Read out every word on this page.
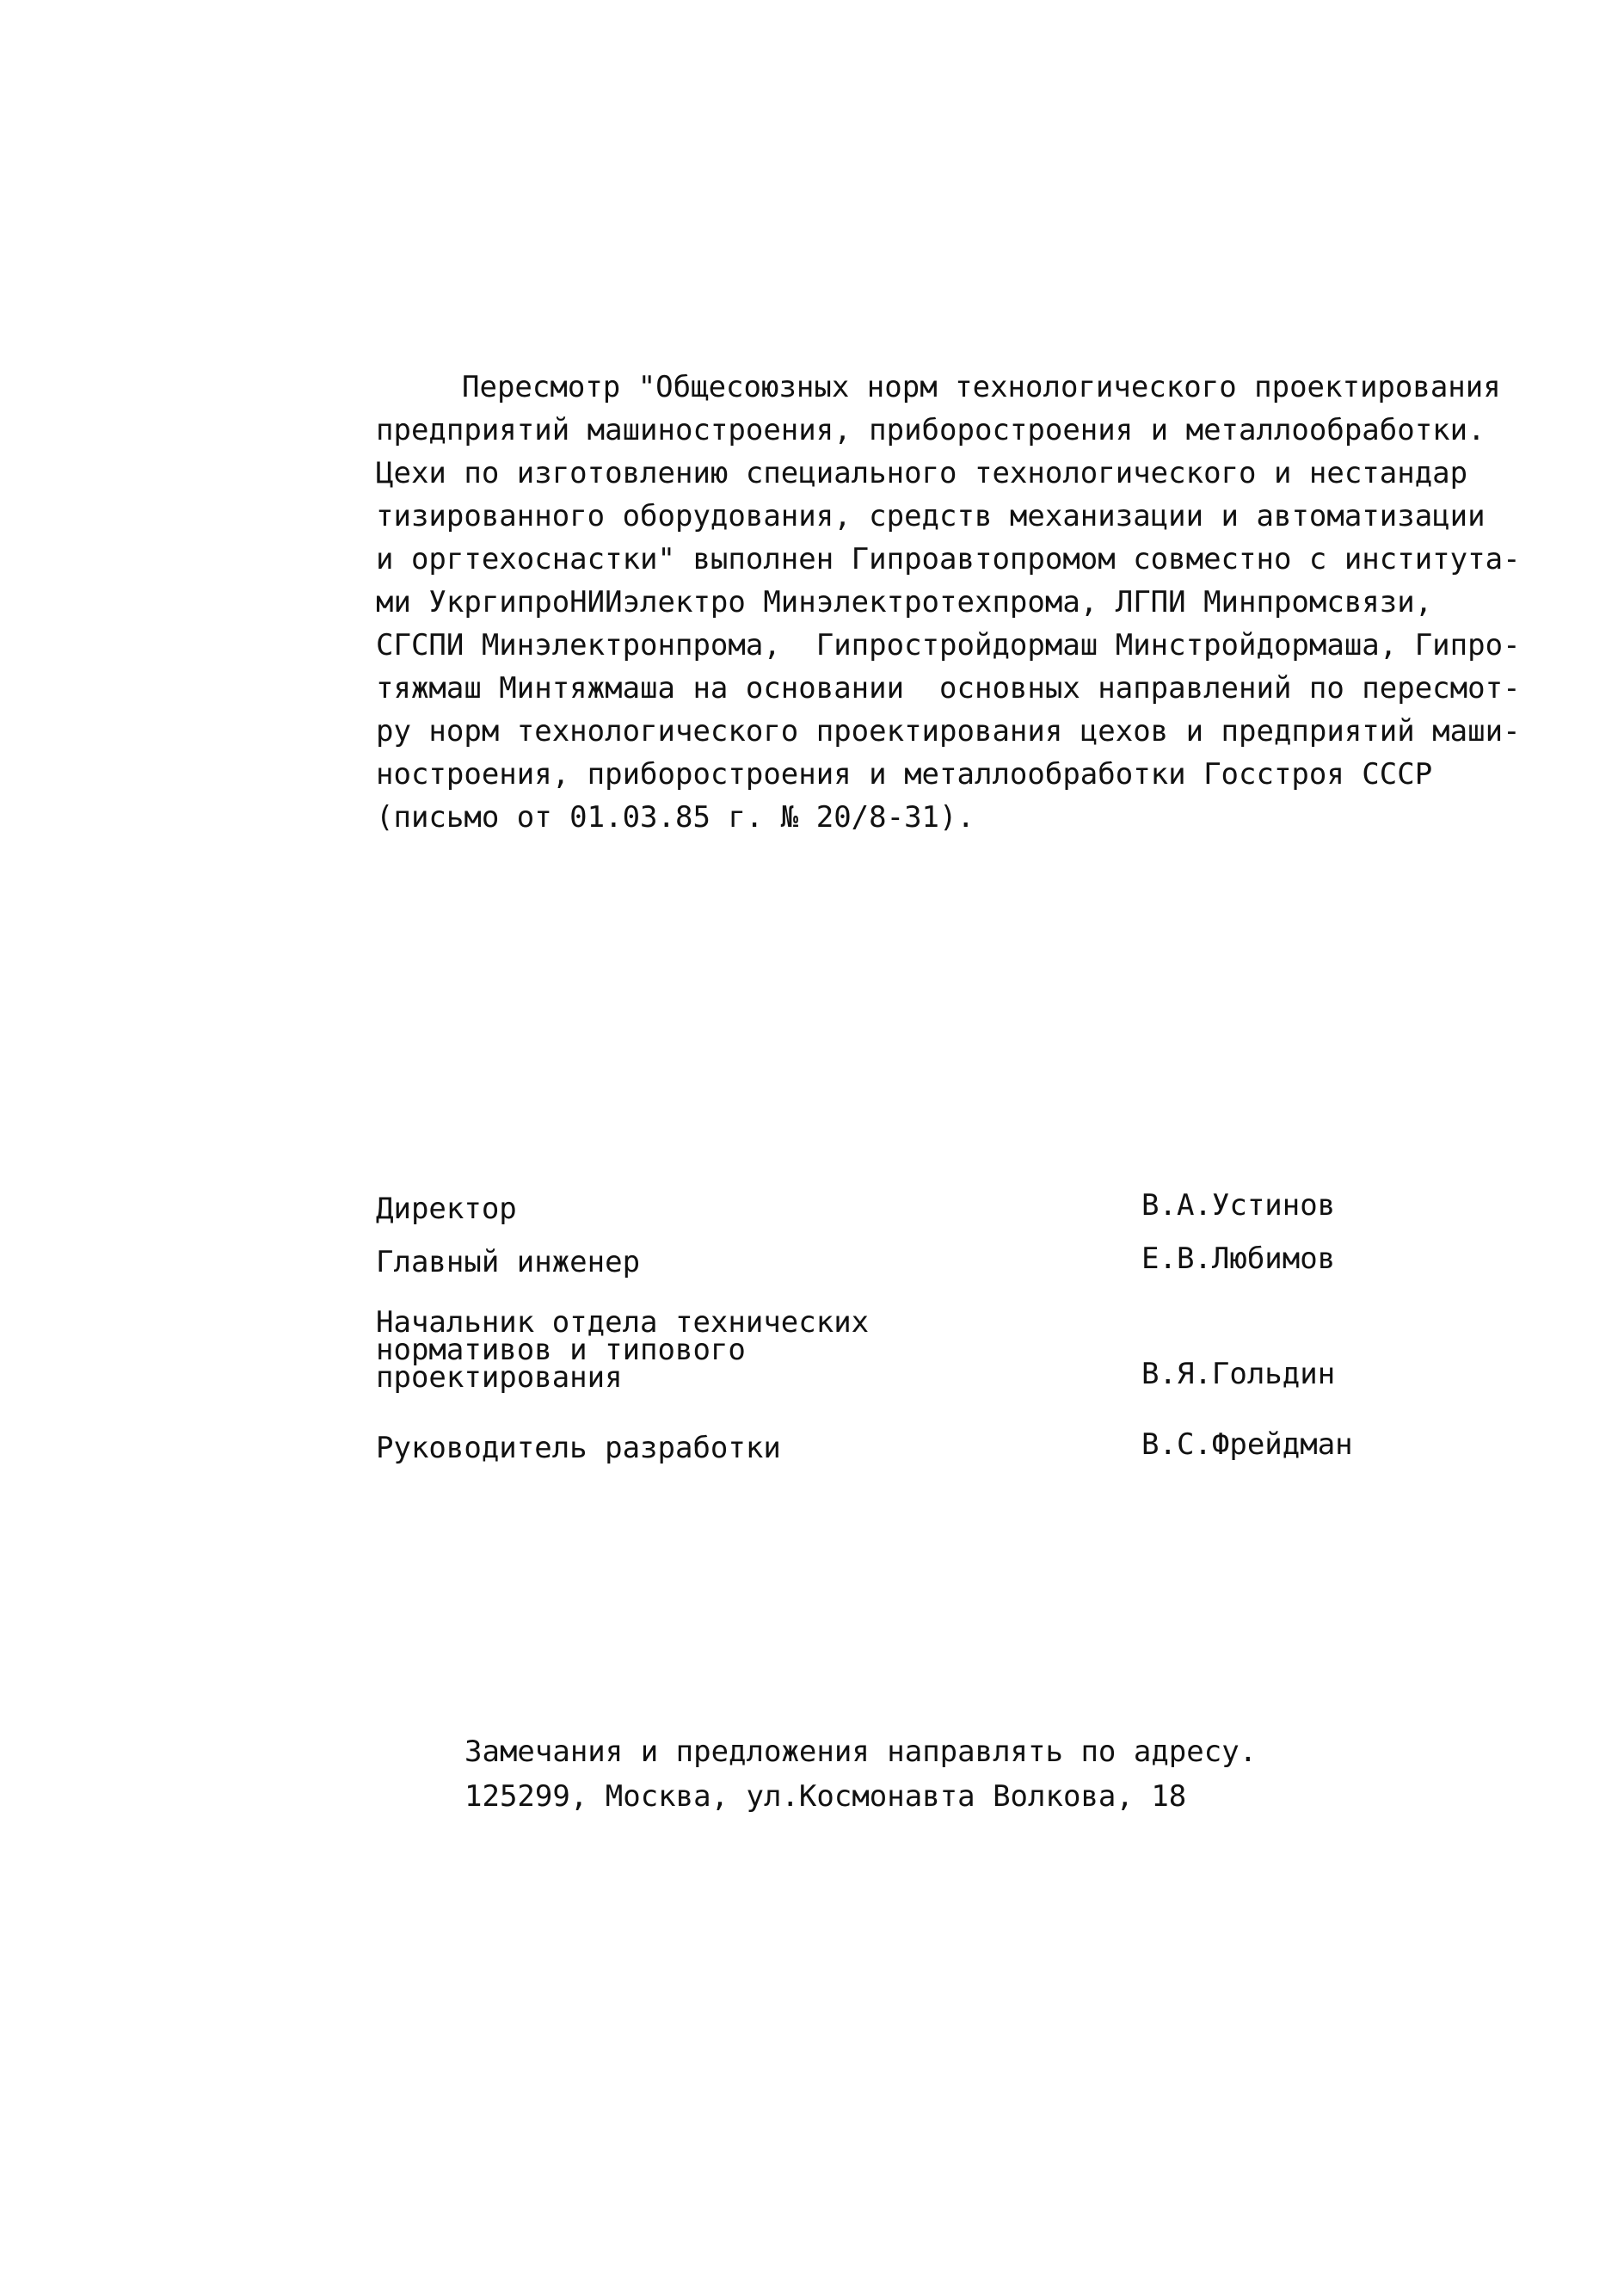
Пересмотр "Общесоюзных норм технологического проектирования
предприятий машиностроения, приборостроения и металлообработки.
Цехи по изготовлению специального технологического и нестандар
тизированного оборудования, средств механизации и автоматизации
и оргтехоснастки" выполнен Гипроавтопромом совместно с института-
ми УкргипроНИИэлектро Минэлектротехпрома, ЛГПИ Минпромсвязи,
СГСПИ Минэлектронпрома,  Гипростройдормаш Минстройдормаша, Гипро-
тяжмаш Минтяжмаша на основании  основных направлений по пересмот-
ру норм технологического проектирования цехов и предприятий маши-
ностроения, приборостроения и металлообработки Госстроя СССР
(письмо от 01.03.85 г. № 20/8-31).
Директор	В.А.Устинов
Главный инженер	Е.В.Любимов
Начальник отдела технических
нормативов и типового
проектирования	В.Я.Гольдин
Руководитель разработки	В.С.Фрейдман
Замечания и предложения направлять по адресу.
125299, Москва, ул.Космонавта Волкова, 18
